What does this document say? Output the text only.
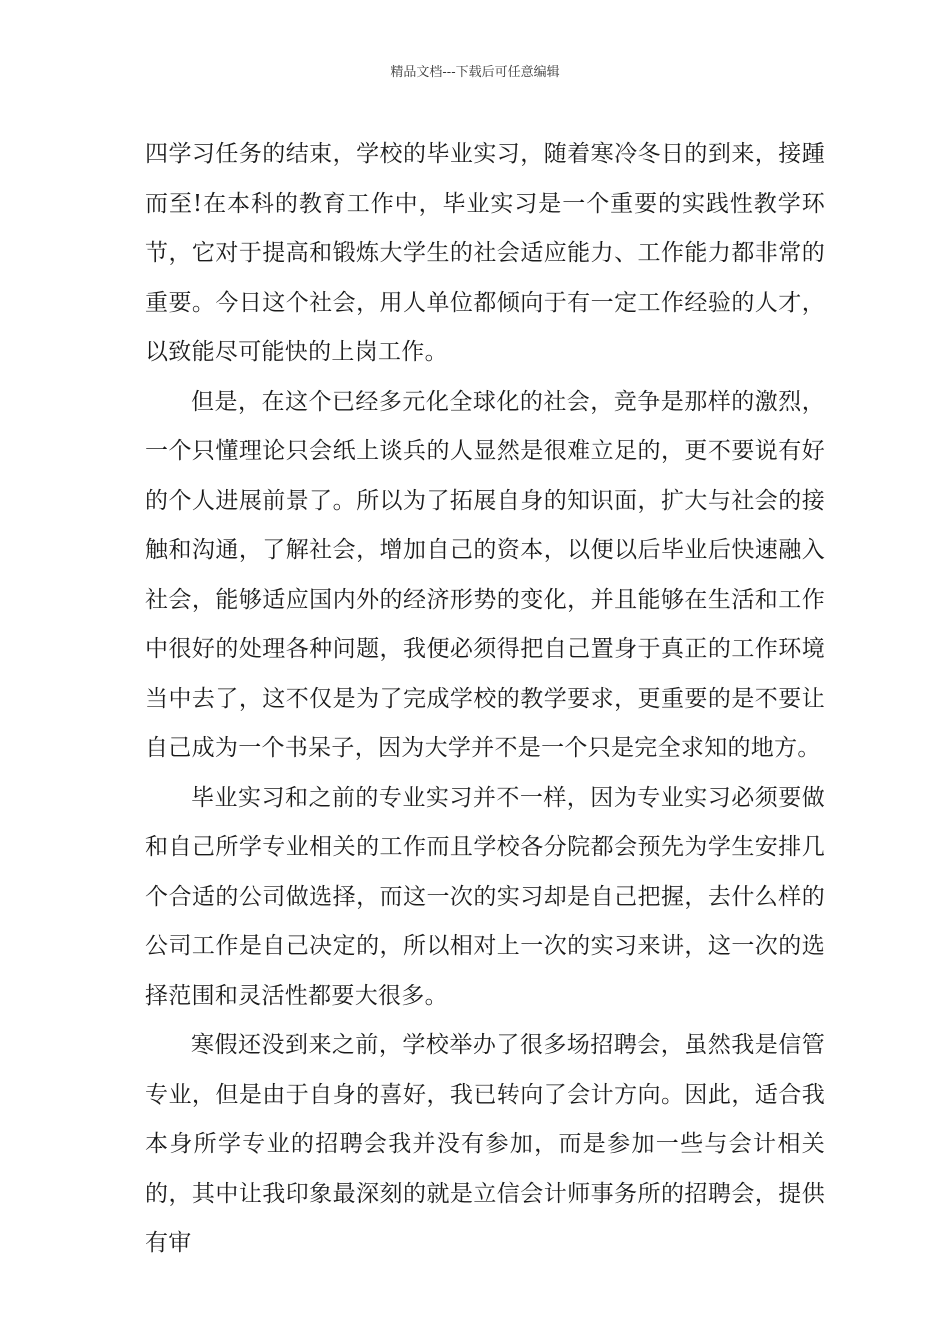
精品文档---下载后可任意编辑

四学习任务的结束，学校的毕业实习，随着寒冷冬日的到来，接踵而至!在本科的教育工作中，毕业实习是一个重要的实践性教学环节，它对于提高和锻炼大学生的社会适应能力、工作能力都非常的重要。今日这个社会，用人单位都倾向于有一定工作经验的人才，以致能尽可能快的上岗工作。

但是，在这个已经多元化全球化的社会，竞争是那样的激烈，一个只懂理论只会纸上谈兵的人显然是很难立足的，更不要说有好的个人进展前景了。所以为了拓展自身的知识面，扩大与社会的接触和沟通，了解社会，增加自己的资本，以便以后毕业后快速融入社会，能够适应国内外的经济形势的变化，并且能够在生活和工作中很好的处理各种问题，我便必须得把自己置身于真正的工作环境当中去了，这不仅是为了完成学校的教学要求，更重要的是不要让自己成为一个书呆子，因为大学并不是一个只是完全求知的地方。

毕业实习和之前的专业实习并不一样，因为专业实习必须要做和自己所学专业相关的工作而且学校各分院都会预先为学生安排几个合适的公司做选择，而这一次的实习却是自己把握，去什么样的公司工作是自己决定的，所以相对上一次的实习来讲，这一次的选择范围和灵活性都要大很多。

寒假还没到来之前，学校举办了很多场招聘会，虽然我是信管专业，但是由于自身的喜好，我已转向了会计方向。因此，适合我本身所学专业的招聘会我并没有参加，而是参加一些与会计相关的，其中让我印象最深刻的就是立信会计师事务所的招聘会，提供有审
